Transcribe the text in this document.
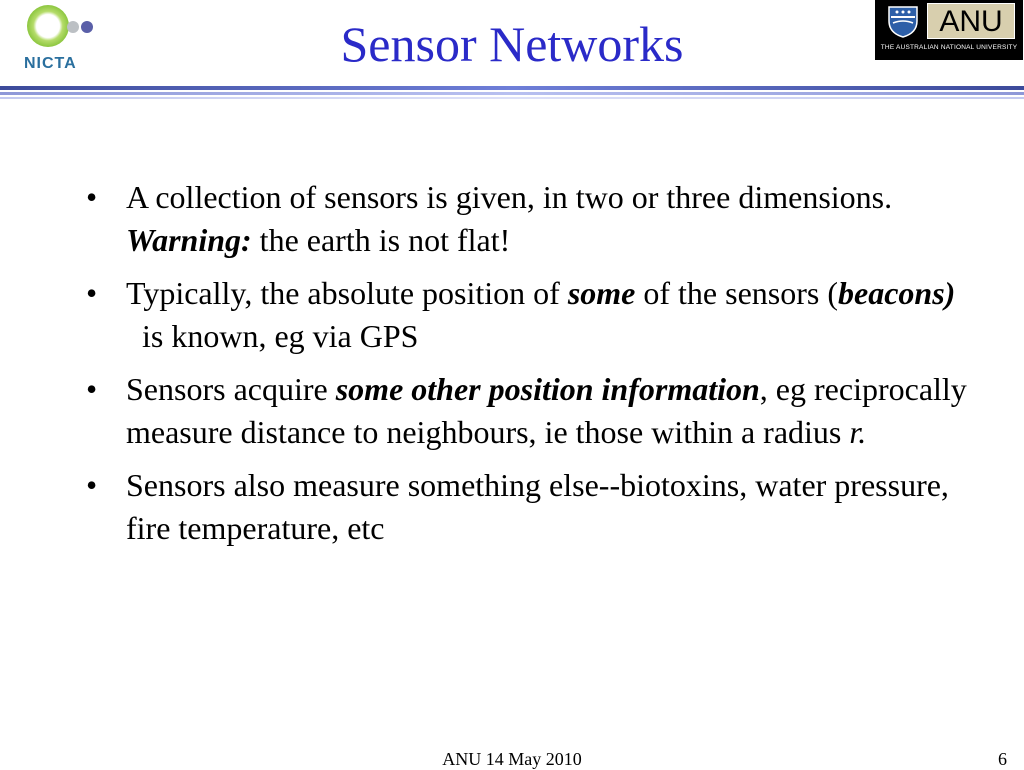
NICTA	Sensor Networks	ANU
THE AUSTRALIAN NATIONAL UNIVERSITY
• A collection of sensors is given, in two or three dimensions. Warning: the earth is not flat!
• Typically, the absolute position of some of the sensors (beacons)  is known, eg via GPS
• Sensors acquire some other position information, eg reciprocally measure distance to neighbours, ie those within a radius r.
• Sensors also measure something else--biotoxins, water pressure, fire temperature, etc
ANU 14 May 2010	6
